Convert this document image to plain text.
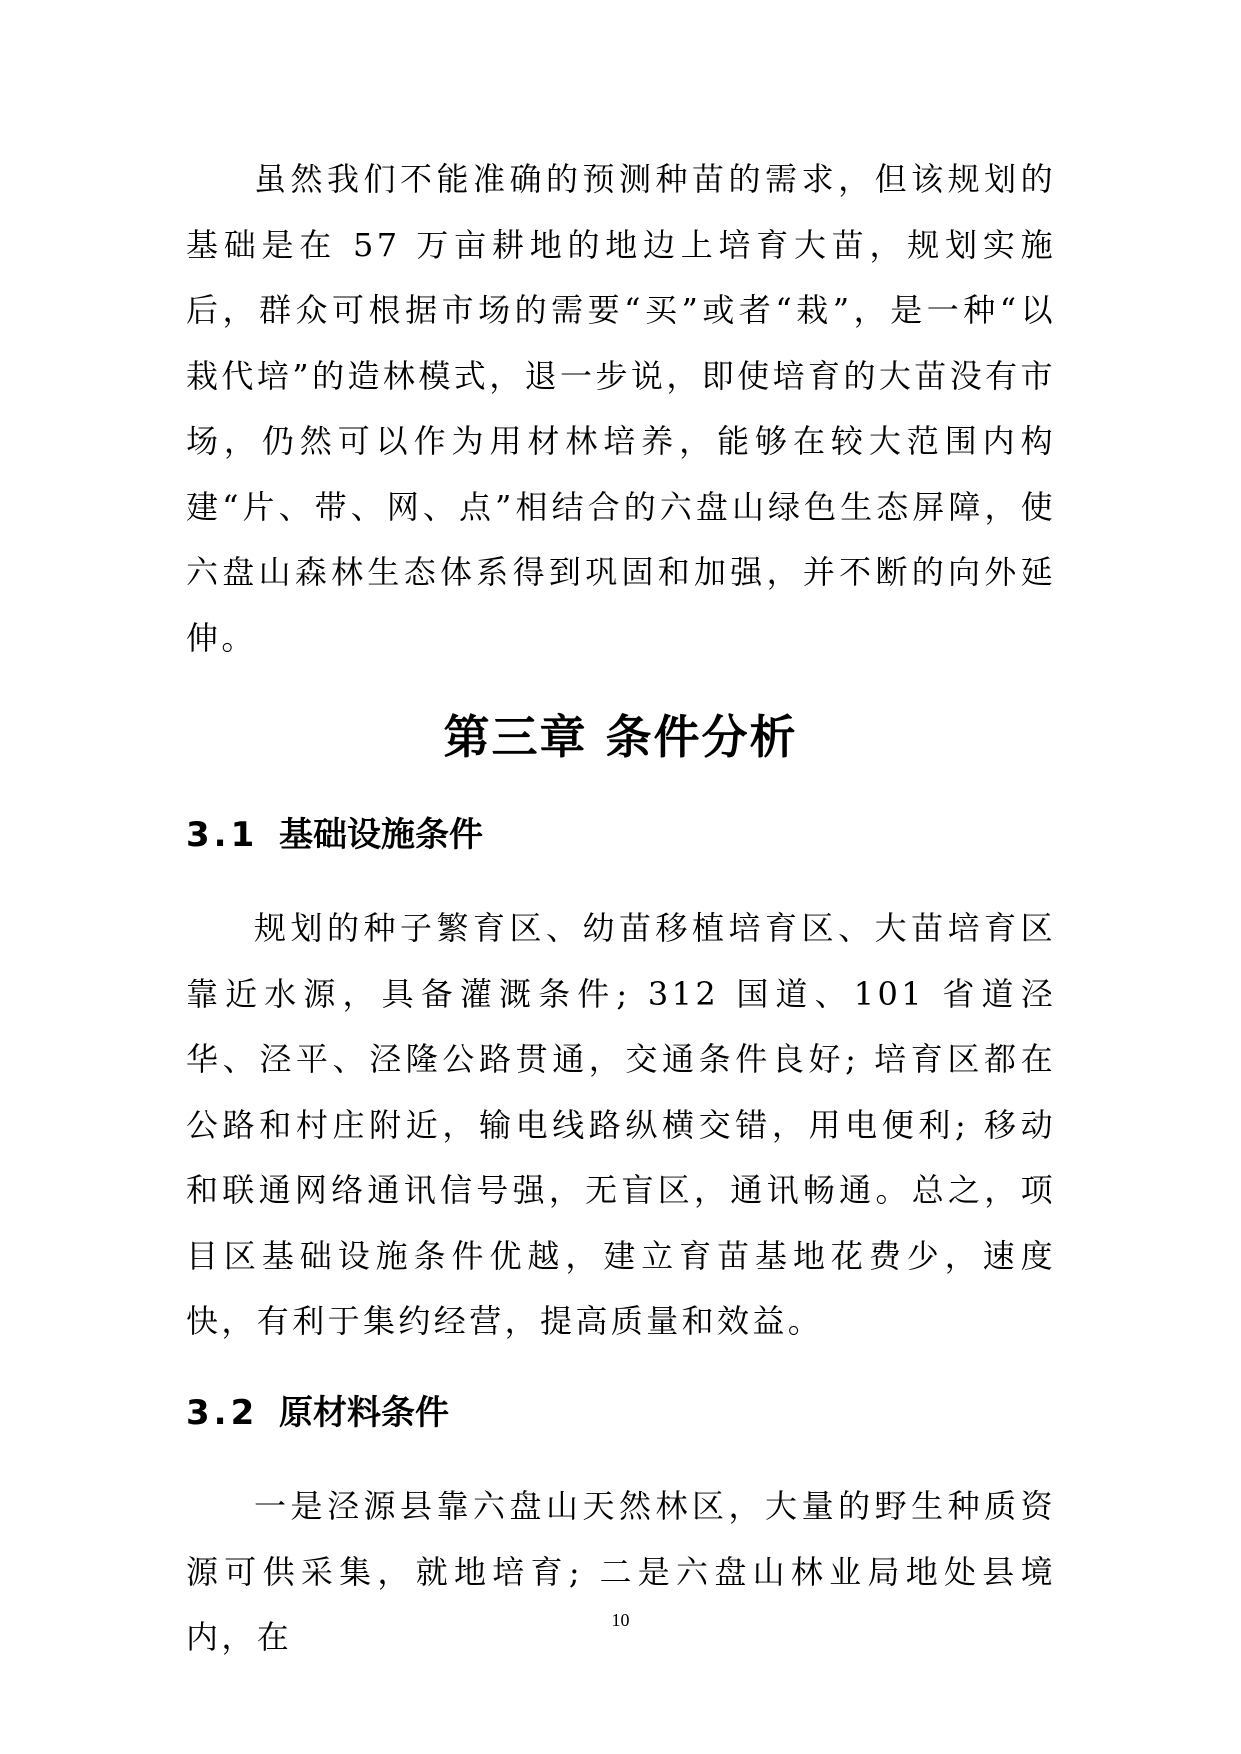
虽然我们不能准确的预测种苗的需求，但该规划的基础是在 57 万亩耕地的地边上培育大苗，规划实施后，群众可根据市场的需要“买”或者“栽”，是一种“以栽代培”的造林模式，退一步说，即使培育的大苗没有市场，仍然可以作为用材林培养，能够在较大范围内构建“片、带、网、点”相结合的六盘山绿色生态屏障，使六盘山森林生态体系得到巩固和加强，并不断的向外延伸。

第三章 条件分析
3.1 基础设施条件

规划的种子繁育区、幼苗移植培育区、大苗培育区靠近水源，具备灌溉条件; 312 国道、101 省道泾华、泾平、泾隆公路贯通，交通条件良好; 培育区都在公路和村庄附近，输电线路纵横交错，用电便利; 移动和联通网络通讯信号强，无盲区，通讯畅通。总之，项目区基础设施条件优越，建立育苗基地花费少，速度快，有利于集约经营，提高质量和效益。

3.2 原材料条件

一是泾源县靠六盘山天然林区，大量的野生种质资源可供采集，就地培育; 二是六盘山林业局地处县境内，在	10
